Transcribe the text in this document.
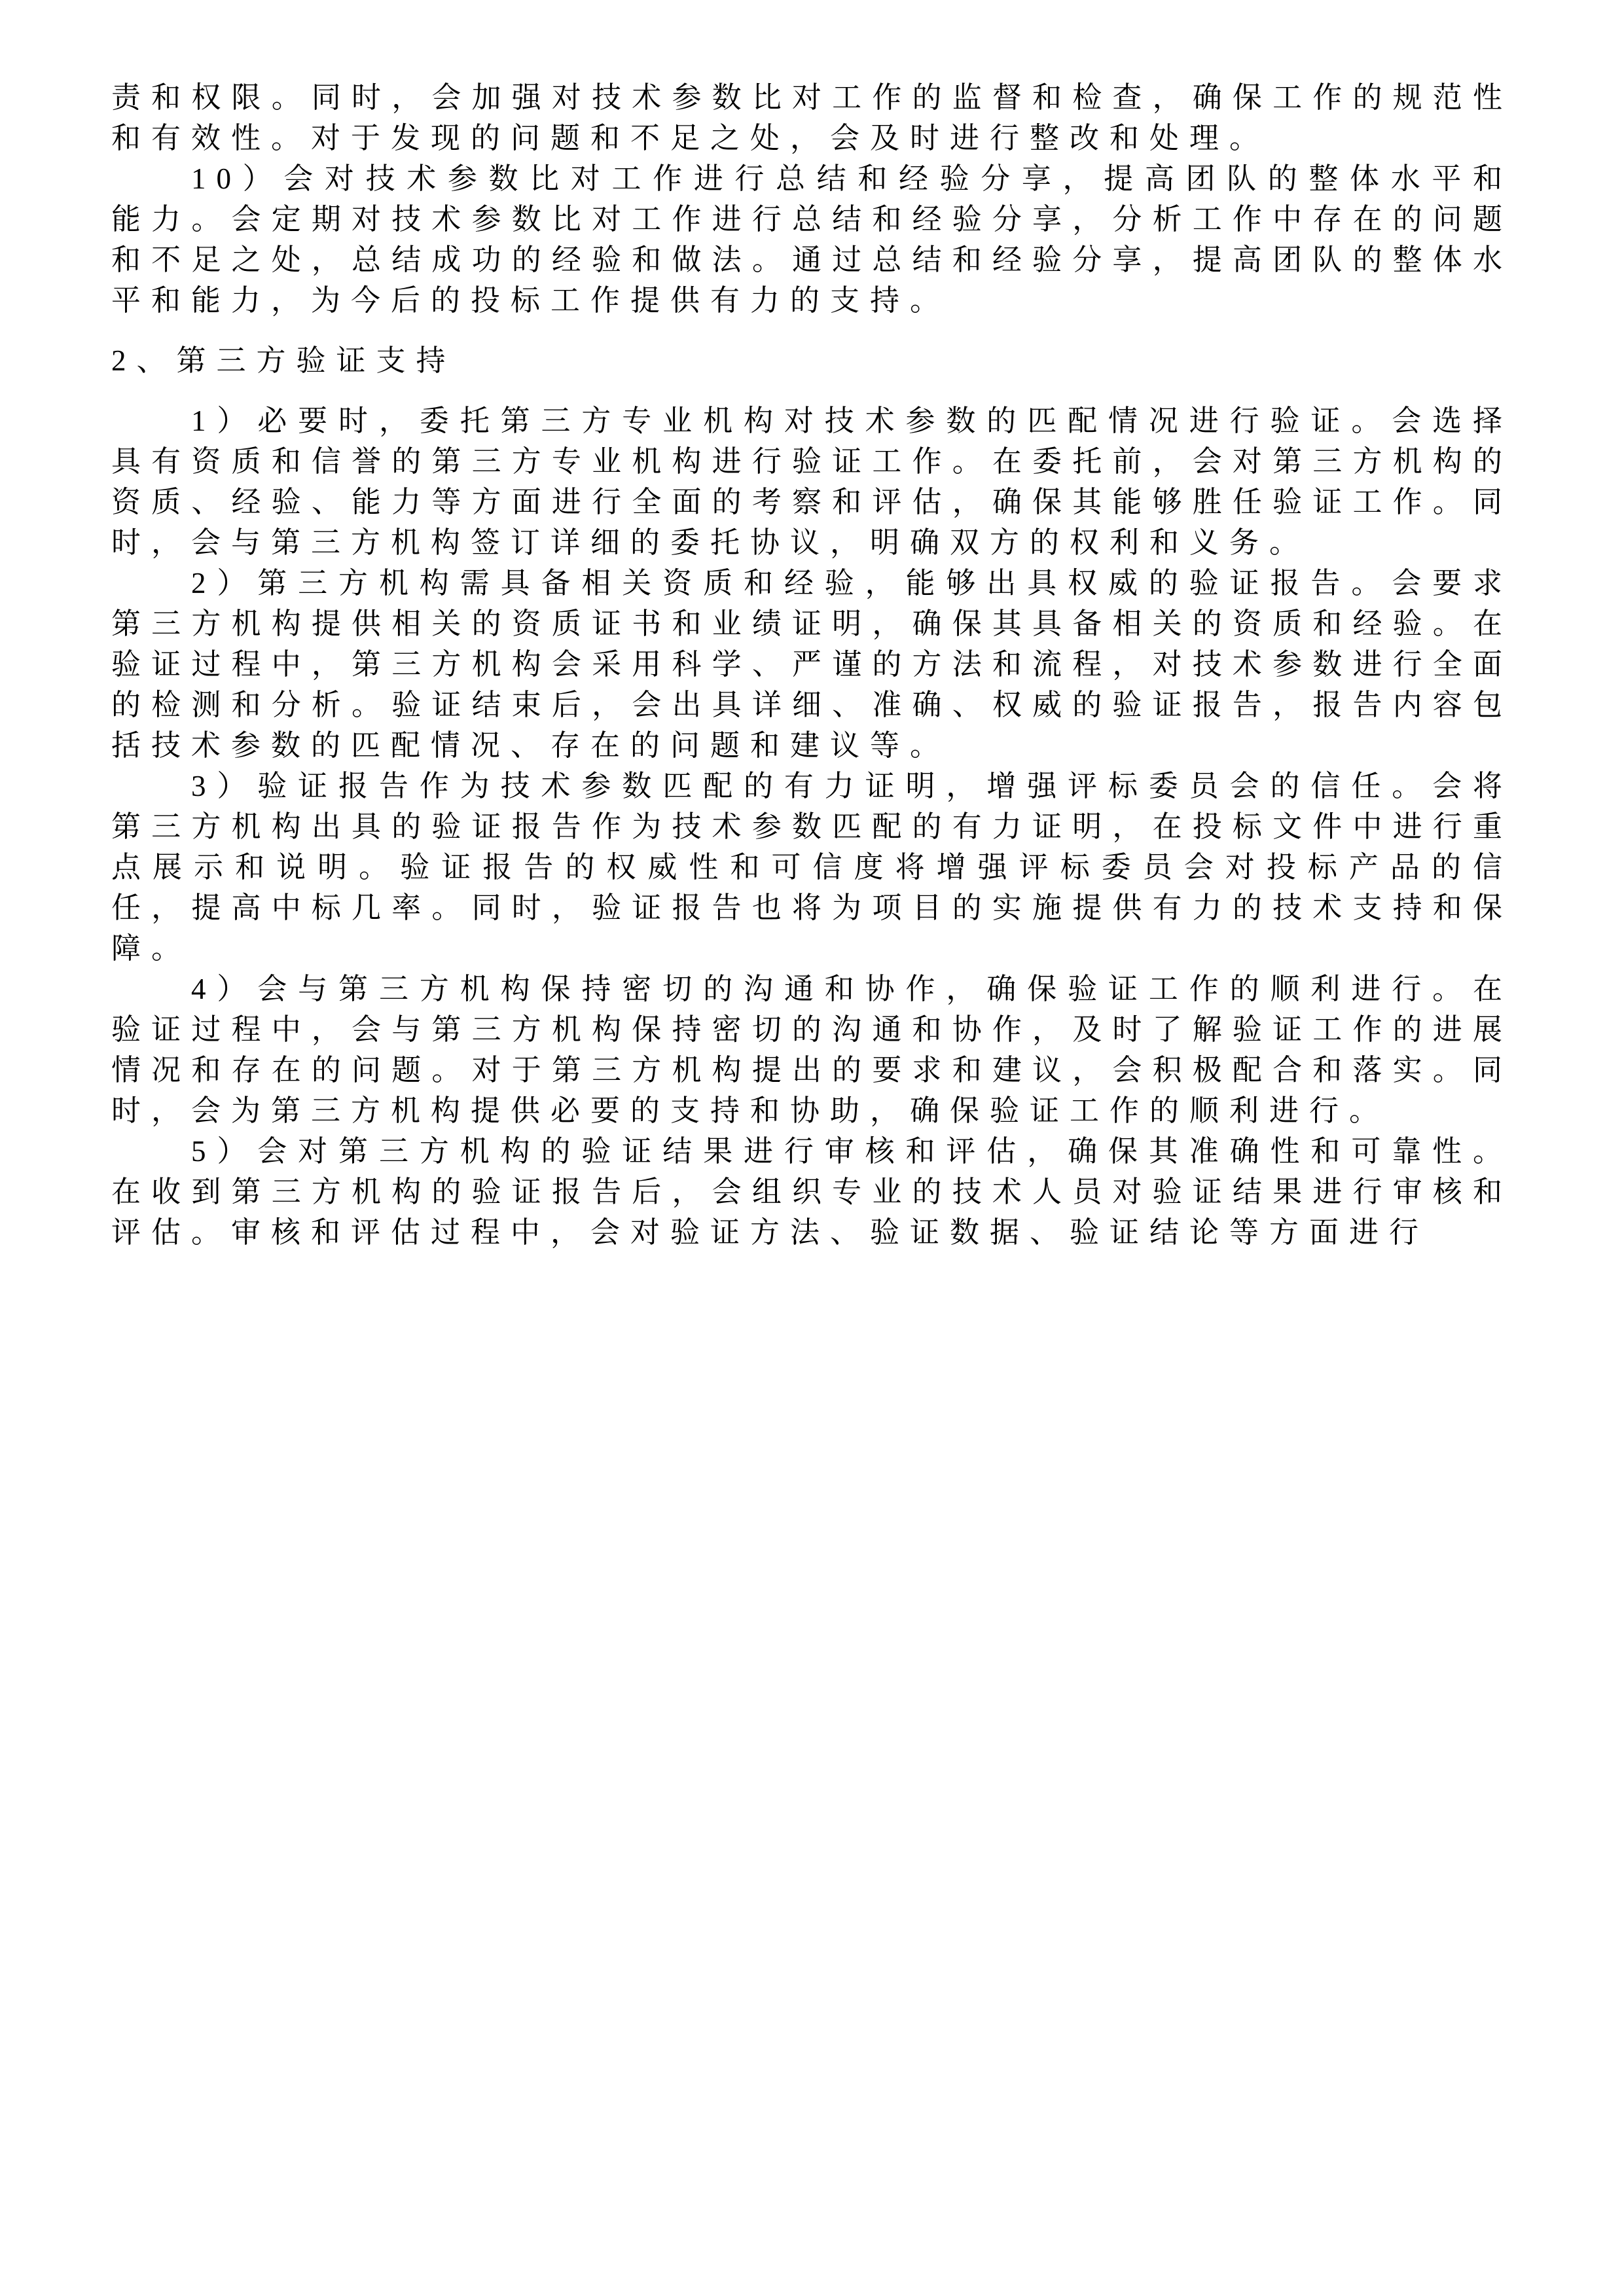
责和权限。同时，会加强对技术参数比对工作的监督和检查，确保工作的规范性和有效性。对于发现的问题和不足之处，会及时进行整改和处理。

10）会对技术参数比对工作进行总结和经验分享，提高团队的整体水平和能力。会定期对技术参数比对工作进行总结和经验分享，分析工作中存在的问题和不足之处，总结成功的经验和做法。通过总结和经验分享，提高团队的整体水平和能力，为今后的投标工作提供有力的支持。

2、第三方验证支持

1）必要时，委托第三方专业机构对技术参数的匹配情况进行验证。会选择具有资质和信誉的第三方专业机构进行验证工作。在委托前，会对第三方机构的资质、经验、能力等方面进行全面的考察和评估，确保其能够胜任验证工作。同时，会与第三方机构签订详细的委托协议，明确双方的权利和义务。

2）第三方机构需具备相关资质和经验，能够出具权威的验证报告。会要求第三方机构提供相关的资质证书和业绩证明，确保其具备相关的资质和经验。在验证过程中，第三方机构会采用科学、严谨的方法和流程，对技术参数进行全面的检测和分析。验证结束后，会出具详细、准确、权威的验证报告，报告内容包括技术参数的匹配情况、存在的问题和建议等。

3）验证报告作为技术参数匹配的有力证明，增强评标委员会的信任。会将第三方机构出具的验证报告作为技术参数匹配的有力证明，在投标文件中进行重点展示和说明。验证报告的权威性和可信度将增强评标委员会对投标产品的信任，提高中标几率。同时，验证报告也将为项目的实施提供有力的技术支持和保障。

4）会与第三方机构保持密切的沟通和协作，确保验证工作的顺利进行。在验证过程中，会与第三方机构保持密切的沟通和协作，及时了解验证工作的进展情况和存在的问题。对于第三方机构提出的要求和建议，会积极配合和落实。同时，会为第三方机构提供必要的支持和协助，确保验证工作的顺利进行。

5）会对第三方机构的验证结果进行审核和评估，确保其准确性和可靠性。在收到第三方机构的验证报告后，会组织专业的技术人员对验证结果进行审核和评估。审核和评估过程中，会对验证方法、验证数据、验证结论等方面进行
